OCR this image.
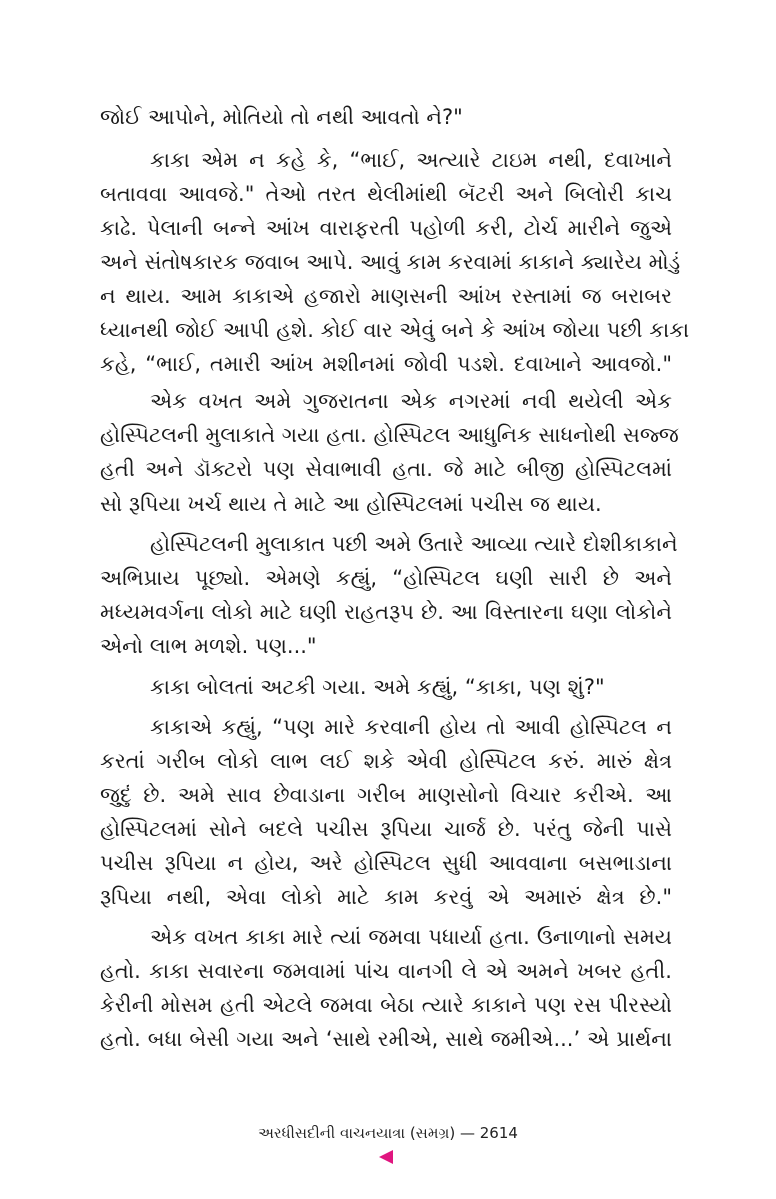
જોઈ આપોને, મોતિયો તો નથી આવતો ને?"
કાકા એમ ન કહે કે, “ભાઈ, અત્યારે ટાઇમ નથી, દવાખાને
બતાવવા આવજે." તેઓ તરત થેલીમાંથી બૅટરી અને બિલોરી કાચ
કાઢે. પેલાની બન્ને આંખ વારાફરતી પહોળી કરી, ટોર્ચ મારીને જુએ
અને સંતોષકારક જવાબ આપે. આવું કામ કરવામાં કાકાને ક્યારેય મોડું
ન થાય. આમ કાકાએ હજારો માણસની આંખ રસ્તામાં જ બરાબર
ધ્યાનથી જોઈ આપી હશે. કોઈ વાર એવું બને કે આંખ જોયા પછી કાકા
કહે, “ભાઈ, તમારી આંખ મશીનમાં જોવી પડશે. દવાખાને આવજો."
એક વખત અમે ગુજરાતના એક નગરમાં નવી થયેલી એક
હોસ્પિટલની મુલાકાતે ગયા હતા. હોસ્પિટલ આધુનિક સાધનોથી સજ્જ
હતી અને ડૉક્ટરો પણ સેવાભાવી હતા. જે માટે બીજી હોસ્પિટલમાં
સો રૂપિયા ખર્ચ થાય તે માટે આ હોસ્પિટલમાં પચીસ જ થાય.
હોસ્પિટલની મુલાકાત પછી અમે ઉતારે આવ્યા ત્યારે દોશીકાકાને
અભિપ્રાય પૂછ્યો. એમણે કહ્યું, “હોસ્પિટલ ઘણી સારી છે અને
મધ્યમવર્ગના લોકો માટે ઘણી રાહતરૂપ છે. આ વિસ્તારના ઘણા લોકોને
એનો લાભ મળશે. પણ..."
કાકા બોલતાં અટકી ગયા. અમે કહ્યું, “કાકા, પણ શું?"
કાકાએ કહ્યું, “પણ મારે કરવાની હોય તો આવી હોસ્પિટલ ન
કરતાં ગરીબ લોકો લાભ લઈ શકે એવી હોસ્પિટલ કરું. મારું ક્ષેત્ર
જુદું છે. અમે સાવ છેવાડાના ગરીબ માણસોનો વિચાર કરીએ. આ
હોસ્પિટલમાં સોને બદલે પચીસ રૂપિયા ચાર્જ છે. પરંતુ જેની પાસે
પચીસ રૂપિયા ન હોય, અરે હોસ્પિટલ સુધી આવવાના બસભાડાના
રૂપિયા નથી, એવા લોકો માટે કામ કરવું એ અમારું ક્ષેત્ર છે."
એક વખત કાકા મારે ત્યાં જમવા પધાર્યા હતા. ઉનાળાનો સમય
હતો. કાકા સવારના જમવામાં પાંચ વાનગી લે એ અમને ખબર હતી.
કેરીની મોસમ હતી એટલે જમવા બેઠા ત્યારે કાકાને પણ રસ પીરસ્યો
હતો. બધા બેસી ગયા અને ‘સાથે રમીએ, સાથે જમીએ...’ એ પ્રાર્થના
અરધીસદીની વાચનયાત્રા (સમગ્ર) — 2614
